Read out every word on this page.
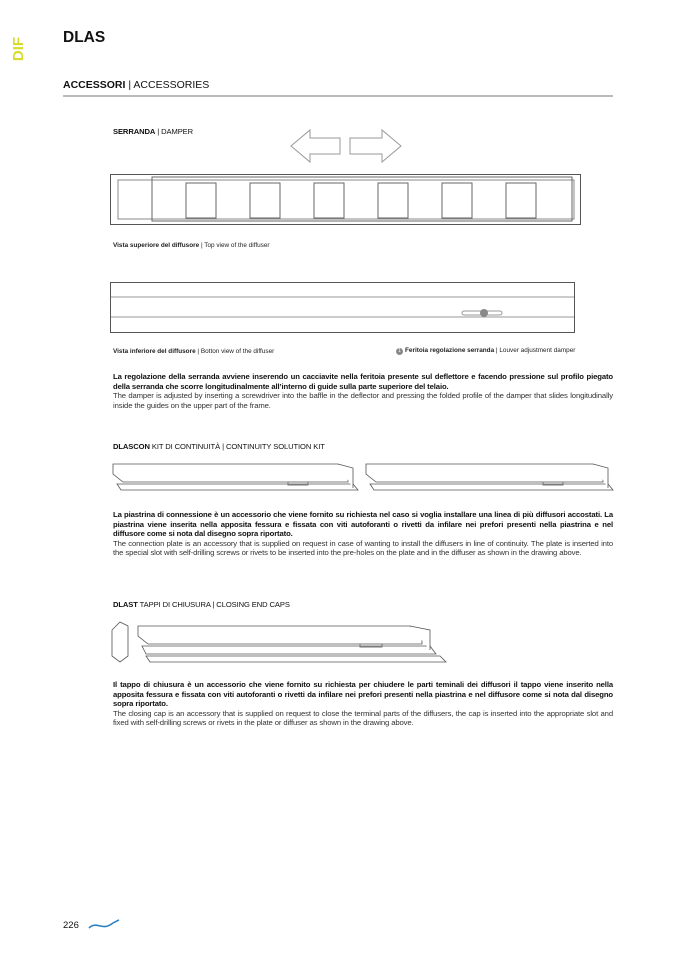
DIF	DLAS
ACCESSORI | ACCESSORIES
SERRANDA | DAMPER
Vista superiore del diffusore | Top view of the diffuser
Vista inferiore del diffusore | Botton view of the diffuser	1 Feritoia regolazione serranda | Louver adjustment damper
La regolazione della serranda avviene inserendo un cacciavite nella feritoia presente sul deflettore e facendo pressione sul profilo piegato della serranda che scorre longitudinalmente all’interno di guide sulla parte superiore del telaio.
The damper is adjusted by inserting a screwdriver into the baffle in the deflector and pressing the folded profile of the damper that slides longitudinally inside the guides on the upper part of the frame.
DLASCON KIT DI CONTINUITÀ | CONTINUITY SOLUTION KIT
La piastrina di connessione è un accessorio che viene fornito su richiesta nel caso si voglia installare una linea di più diffusori accostati. La piastrina viene inserita nella apposita fessura e fissata con viti autoforanti o rivetti da infilare nei prefori presenti nella piastrina e nel diffusore come si nota dal disegno sopra riportato.
The connection plate is an accessory that is supplied on request in case of wanting to install the diffusers in line of continuity. The plate is inserted into the special slot with self-drilling screws or rivets to be inserted into the pre-holes on the plate and in the diffuser as shown in the drawing above.
DLAST TAPPI DI CHIUSURA | CLOSING END CAPS
Il tappo di chiusura è un accessorio che viene fornito su richiesta per chiudere le parti teminali dei diffusori il tappo viene inserito nella apposita fessura e fissata con viti autoforanti o rivetti da infilare nei prefori presenti nella piastrina e nel diffusore come si nota dal disegno sopra riportato.
The closing cap is an accessory that is supplied on request to close the terminal parts of the diffusers, the cap is inserted into the appropriate slot and fixed with self-drilling screws or rivets in the plate or diffuser as shown in the drawing above.
226
